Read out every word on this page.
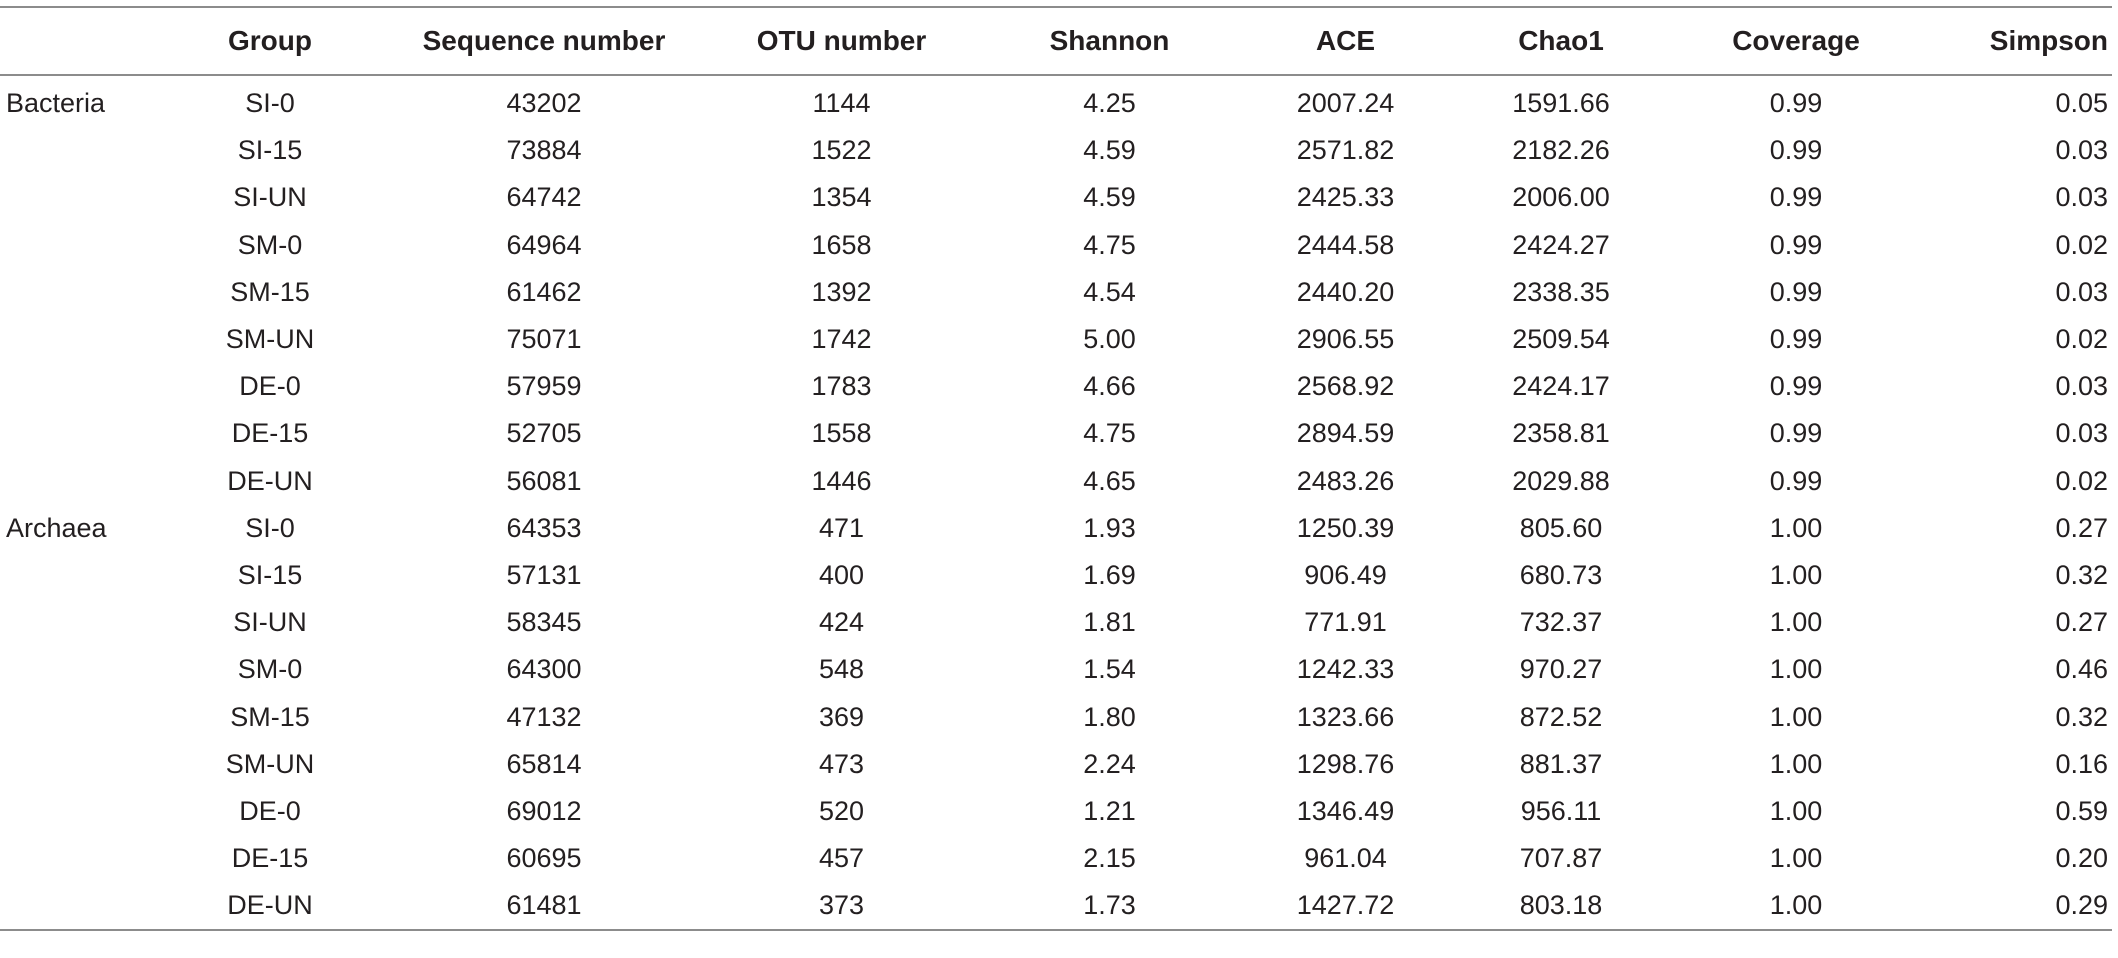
	Group	Sequence number	OTU number	Shannon	ACE	Chao1	Coverage	Simpson
Bacteria	SI-0	43202	1144	4.25	2007.24	1591.66	0.99	0.05
	SI-15	73884	1522	4.59	2571.82	2182.26	0.99	0.03
	SI-UN	64742	1354	4.59	2425.33	2006.00	0.99	0.03
	SM-0	64964	1658	4.75	2444.58	2424.27	0.99	0.02
	SM-15	61462	1392	4.54	2440.20	2338.35	0.99	0.03
	SM-UN	75071	1742	5.00	2906.55	2509.54	0.99	0.02
	DE-0	57959	1783	4.66	2568.92	2424.17	0.99	0.03
	DE-15	52705	1558	4.75	2894.59	2358.81	0.99	0.03
	DE-UN	56081	1446	4.65	2483.26	2029.88	0.99	0.02
Archaea	SI-0	64353	471	1.93	1250.39	805.60	1.00	0.27
	SI-15	57131	400	1.69	906.49	680.73	1.00	0.32
	SI-UN	58345	424	1.81	771.91	732.37	1.00	0.27
	SM-0	64300	548	1.54	1242.33	970.27	1.00	0.46
	SM-15	47132	369	1.80	1323.66	872.52	1.00	0.32
	SM-UN	65814	473	2.24	1298.76	881.37	1.00	0.16
	DE-0	69012	520	1.21	1346.49	956.11	1.00	0.59
	DE-15	60695	457	2.15	961.04	707.87	1.00	0.20
	DE-UN	61481	373	1.73	1427.72	803.18	1.00	0.29
